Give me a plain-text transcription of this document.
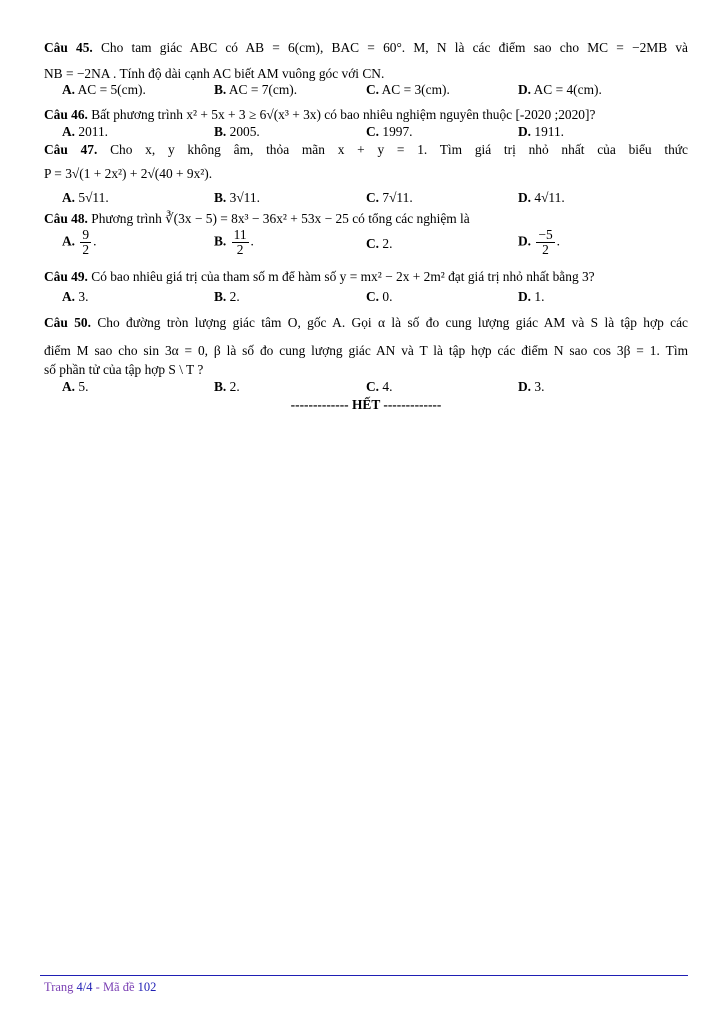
Câu 45. Cho tam giác ABC có AB = 6(cm), BAC = 60°. M, N là các điểm sao cho MC = −2MB và
NB = −2NA . Tính độ dài cạnh AC biết AM vuông góc với CN.
A. AC = 5(cm).	B. AC = 7(cm).	C. AC = 3(cm).	D. AC = 4(cm).
Câu 46. Bất phương trình x² + 5x + 3 ≥ 6√(x³ + 3x) có bao nhiêu nghiệm nguyên thuộc [-2020 ;2020]?
A. 2011.	B. 2005.	C. 1997.	D. 1911.
Câu 47. Cho x, y không âm, thỏa mãn x + y = 1. Tìm giá trị nhỏ nhất của biểu thức
P = 3√(1 + 2x²) + 2√(40 + 9x²).
A. 5√11.	B. 3√11.	C. 7√11.	D. 4√11.
Câu 48. Phương trình ∛(3x − 5) = 8x³ − 36x² + 53x − 25 có tổng các nghiệm là
A. $\frac{9}{2}$ .	B. $\frac{11}{2}$ .	C. 2.	D. $\frac{-5}{2}$ .
Câu 49. Có bao nhiêu giá trị của tham số m để hàm số y = mx² − 2x + 2m² đạt giá trị nhỏ nhất bằng 3?
A. 3.	B. 2.	C. 0.	D. 1.
Câu 50. Cho đường tròn lượng giác tâm O, gốc A. Gọi α là số đo cung lượng giác AM và S là tập hợp các
điểm M sao cho sin 3α = 0, β là số đo cung lượng giác AN và T là tập hợp các điểm N sao cos 3β = 1. Tìm
số phần tử của tập hợp S \ T ?
A. 5.	B. 2.	C. 4.	D. 3.
------------- HẾT -------------
Trang 4/4 - Mã đề 102
